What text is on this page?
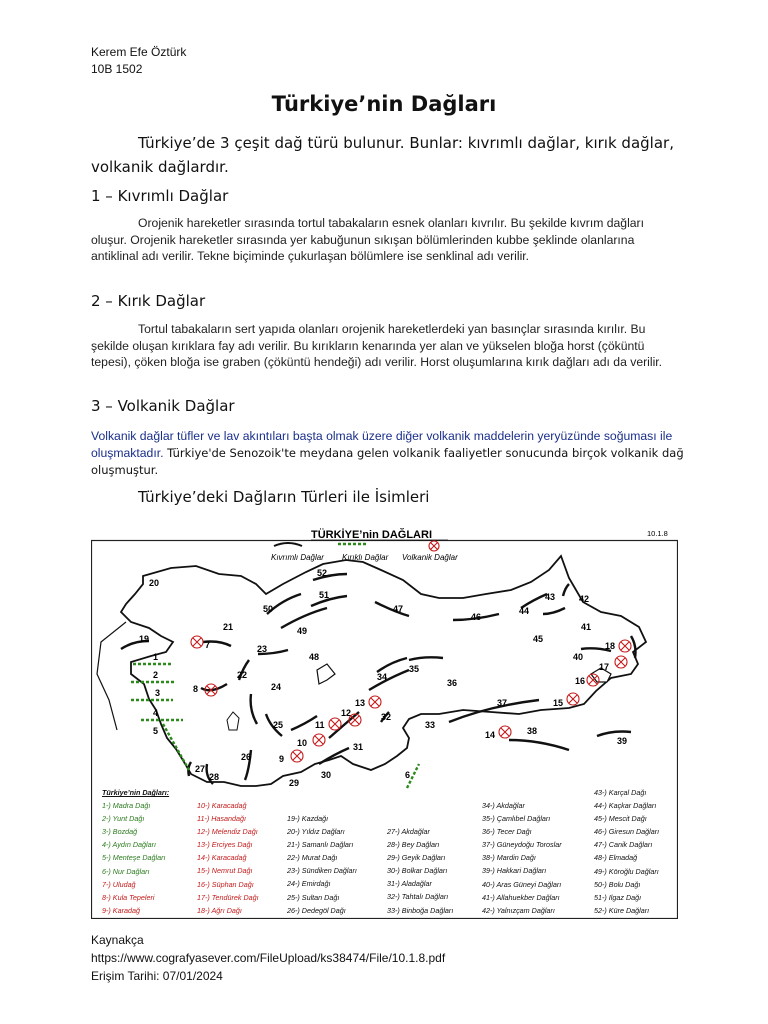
Kerem Efe Öztürk
10B 1502
Türkiye’nin Dağları
Türkiye’de 3 çeşit dağ türü bulunur. Bunlar: kıvrımlı dağlar, kırık dağlar, volkanik dağlardır.
1 – Kıvrımlı Dağlar
Orojenik hareketler sırasında tortul tabakaların esnek olanları kıvrılır. Bu şekilde kıvrım dağları oluşur. Orojenik hareketler sırasında yer kabuğunun sıkışan bölümlerinden kubbe şeklinde olanlarına antiklinal adı verilir. Tekne biçiminde çukurlaşan bölümlere ise senklinal adı verilir.
2 – Kırık Dağlar
Tortul tabakaların sert yapıda olanları orojenik hareketlerdeki yan basınçlar sırasında kırılır. Bu şekilde oluşan kırıklara fay adı verilir. Bu kırıkların kenarında yer alan ve yükselen bloğa horst (çöküntü tepesi), çöken bloğa ise graben (çöküntü hendeği) adı verilir. Horst oluşumlarına kırık dağları adı da verilir.
3 – Volkanik Dağlar
Volkanik dağlar tüfler ve lav akıntıları başta olmak üzere diğer volkanik maddelerin yeryüzünde soğuması ile oluşmaktadır. Türkiye'de Senozoik'te meydana gelen volkanik faaliyetler sonucunda birçok volkanik dağ oluşmuştur.
Türkiye’deki Dağların Türleri ile İsimleri
TÜRKİYE’nin DAĞLARI	10.1.8
Kıvrımlı Dağlar Kırıklı Dağlar Volkanik Dağlar
20
52
51
50
21	49
47
46
44
43	42
41
45
48
23
19
7
1
2
3
4
8
22
24
35
34
36
40
18
17
16
15
37
38
14
39
13
12
11
32
33
25
10	31
26	9
27
28	30
29
6
5
Türkiye’nin Dağları:
1-) Madra Dağı
2-) Yunt Dağı
3-) Bozdağ
4-) Aydın Dağları
5-) Menteşe Dağları
6-) Nur Dağları
7-) Uludağ
8-) Kula Tepeleri
9-) Karadağ
10-) Karacadağ
11-) Hasandağı
12-) Melendiz Dağı
13-) Erciyes Dağı
14-) Karacadağ
15-) Nemrut Dağı
16-) Süphan Dağı
17-) Tendürek Dağı
18-) Ağrı Dağı
19-) Kazdağı
20-) Yıldız Dağları
21-) Samanlı Dağları
22-) Murat Dağı
23-) Sündiken Dağları
24-) Emirdağı
25-) Sultan Dağı
26-) Dedegöl Dağı
27-) Akdağlar
28-) Bey Dağları
29-) Geyik Dağları
30-) Bolkar Dağları
31-) Aladağlar
32-) Tahtalı Dağları
33-) Binboğa Dağları
34-) Akdağlar
35-) Çamlıbel Dağları
36-) Tecer Dağı
37-) Güneydoğu Toroslar
38-) Mardin Dağı
39-) Hakkari Dağları
40-) Aras Güneyi Dağları
41-) Allahuekber Dağları
42-) Yalnızçam Dağları
43-) Karçal Dağı
44-) Kaçkar Dağları
45-) Mescit Dağı
46-) Giresun Dağları
47-) Canik Dağları
48-) Elmadağ
49-) Köroğlu Dağları
50-) Bolu Dağı
51-) Ilgaz Dağı
52-) Küre Dağları
Kaynakça
https://www.cografyasever.com/FileUpload/ks38474/File/10.1.8.pdf
Erişim Tarihi: 07/01/2024
